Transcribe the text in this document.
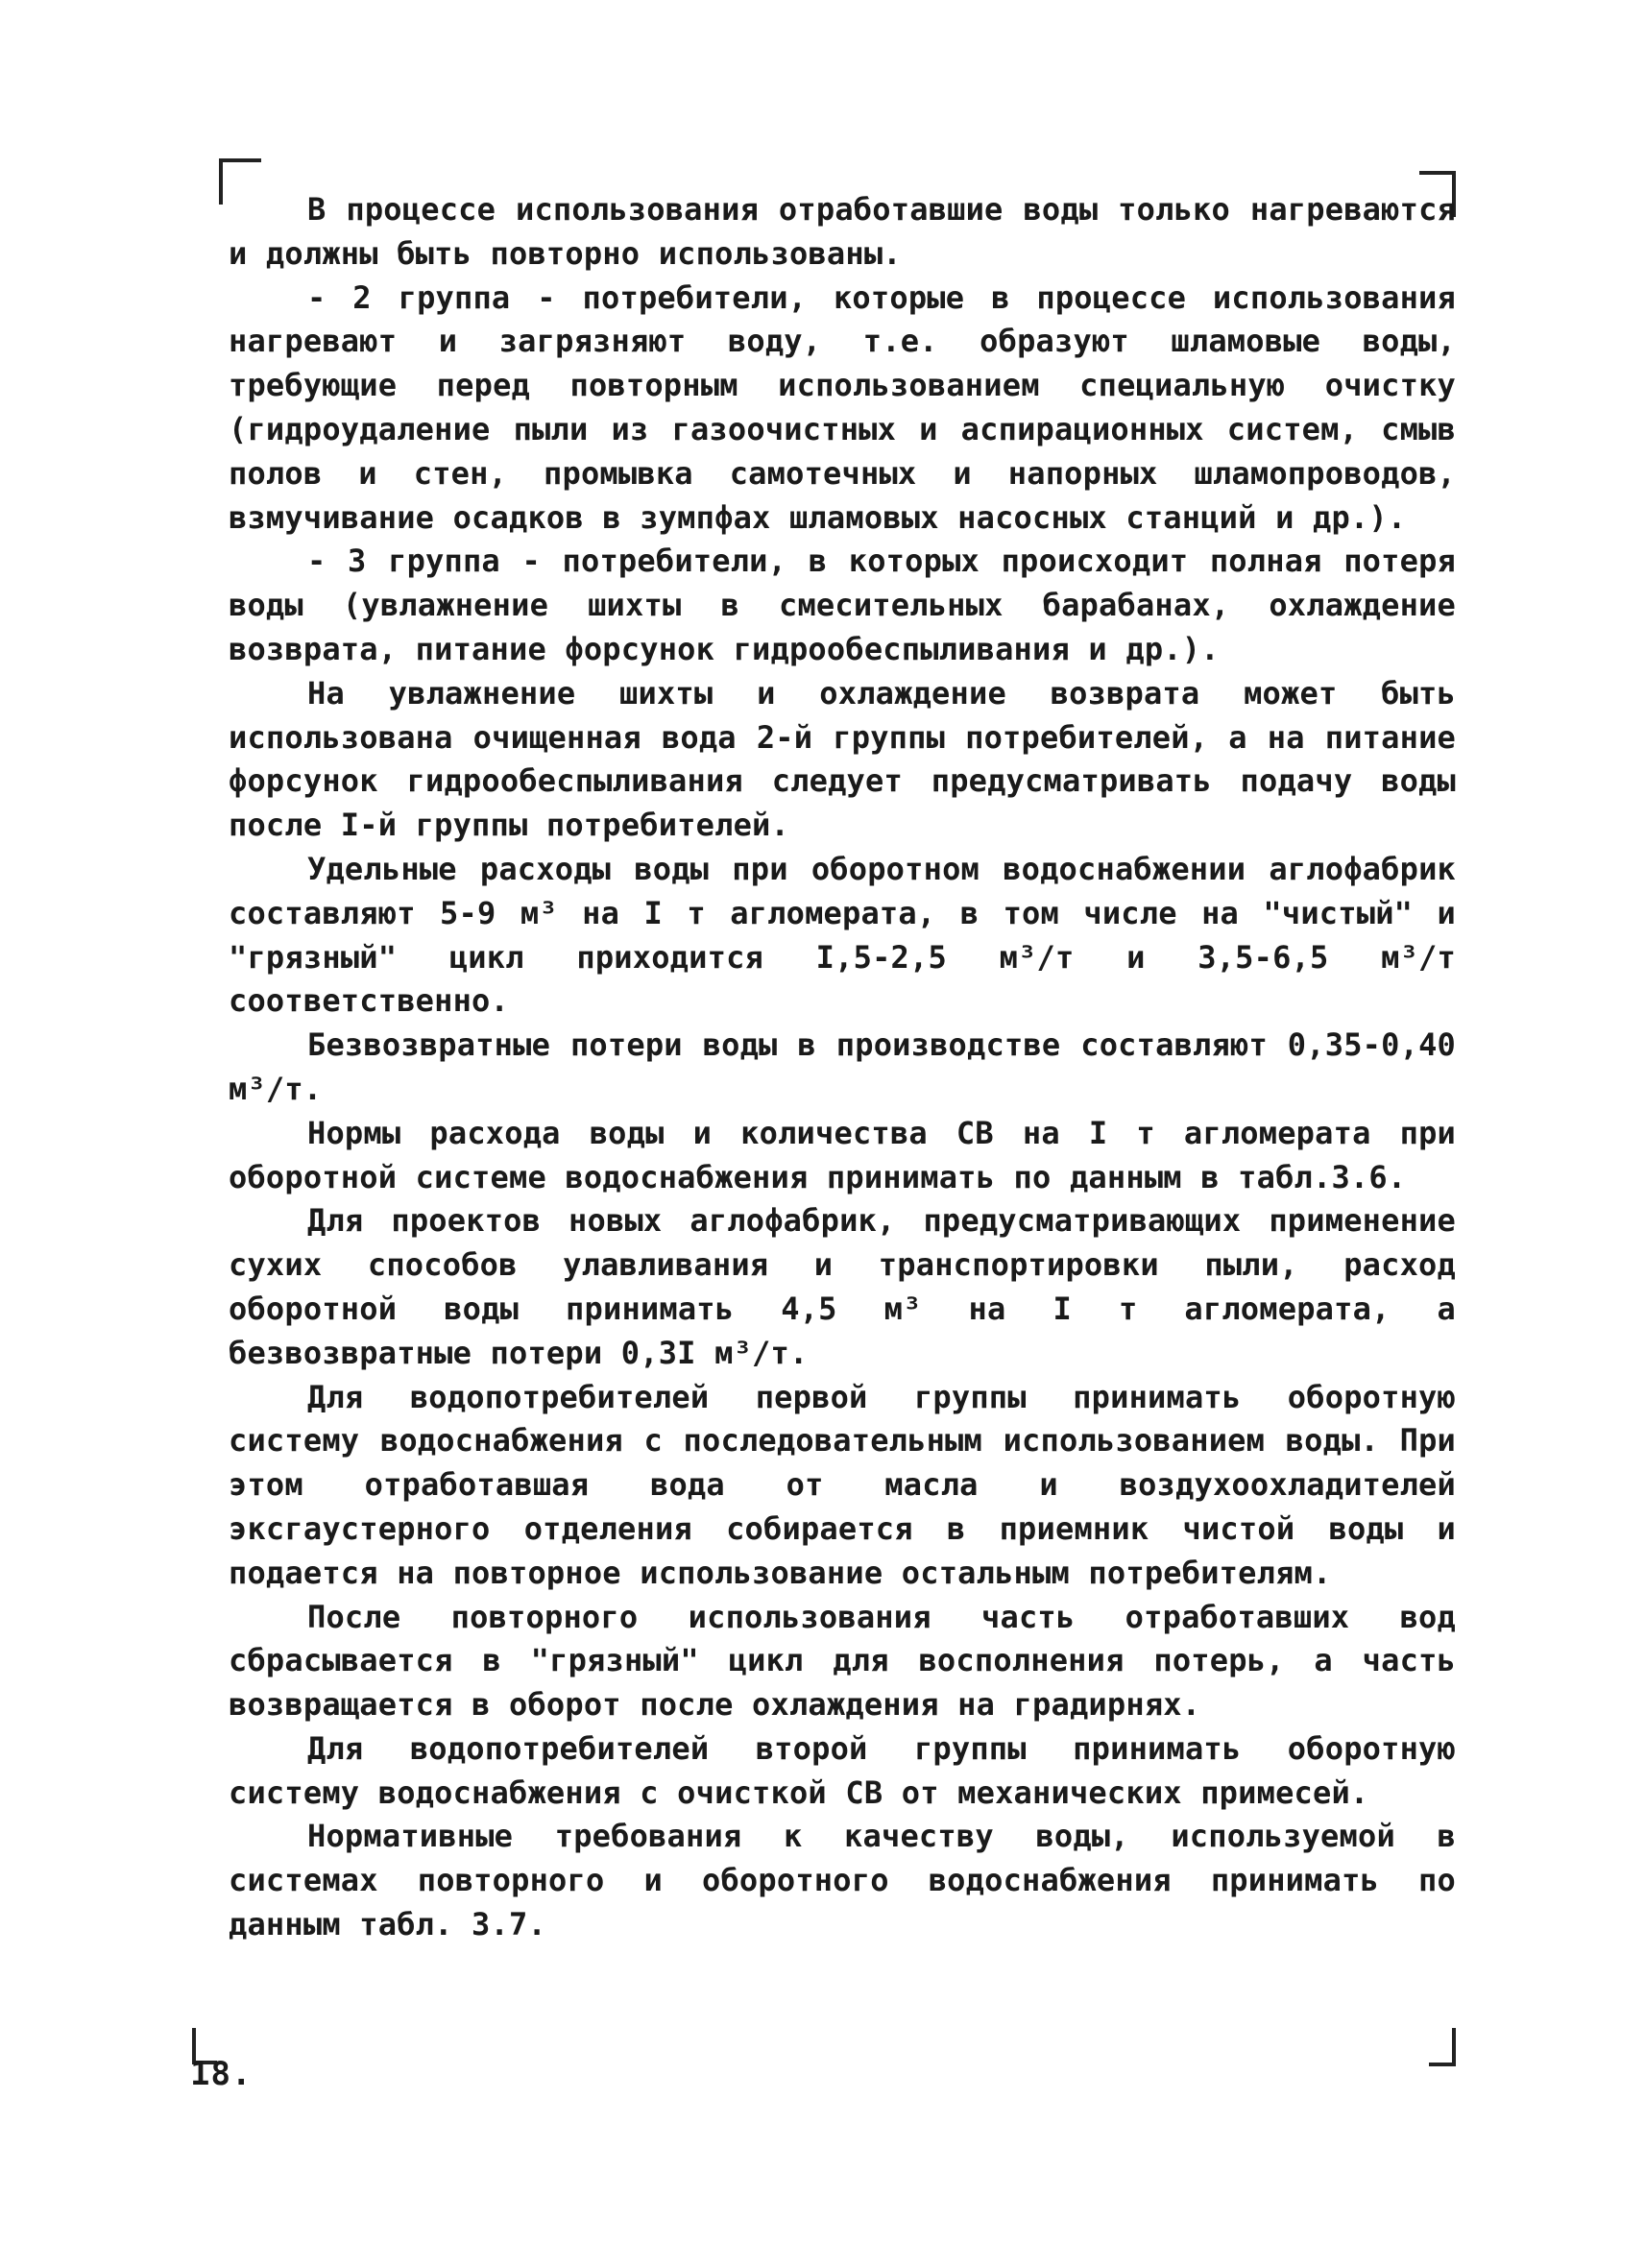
В процессе использования отработавшие воды только нагреваются и должны быть повторно использованы.

- 2 группа - потребители, которые в процессе использования нагревают и загрязняют воду, т.е. образуют шламовые воды, требующие перед повторным использованием специальную очистку (гидроудаление пыли из газоочистных и аспирационных систем, смыв полов и стен, промывка самотечных и напорных шламопроводов, взмучивание осадков в зумпфах шламовых насосных станций и др.).

- 3 группа - потребители, в которых происходит полная потеря воды (увлажнение шихты в смесительных барабанах, охлаждение возврата, питание форсунок гидрообеспыливания и др.).

На увлажнение шихты и охлаждение возврата может быть использована очищенная вода 2-й группы потребителей, а на питание форсунок гидрообеспыливания следует предусматривать подачу воды после I-й группы потребителей.

Удельные расходы воды при оборотном водоснабжении аглофабрик составляют 5-9 м³ на I т агломерата, в том числе на "чистый" и "грязный" цикл приходится I,5-2,5 м³/т и 3,5-6,5 м³/т соответственно.

Безвозвратные потери воды в производстве составляют 0,35-0,40 м³/т.

Нормы расхода воды и количества СВ на I т агломерата при оборотной системе водоснабжения принимать по данным в табл.3.6.

Для проектов новых аглофабрик, предусматривающих применение сухих способов улавливания и транспортировки пыли, расход оборотной воды принимать 4,5 м³ на I т агломерата, а безвозвратные потери 0,3I м³/т.

Для водопотребителей первой группы принимать оборотную систему водоснабжения с последовательным использованием воды. При этом отработавшая вода от масла и воздухоохладителей эксгаустерного отделения собирается в приемник чистой воды и подается на повторное использование остальным потребителям.

После повторного использования часть отработавших вод сбрасывается в "грязный" цикл для восполнения потерь, а часть возвращается в оборот после охлаждения на градирнях.

Для водопотребителей второй группы принимать оборотную систему водоснабжения с очисткой СВ от механических примесей.

Нормативные требования к качеству воды, используемой в системах повторного и оборотного водоснабжения принимать по данным табл. 3.7.

18.
